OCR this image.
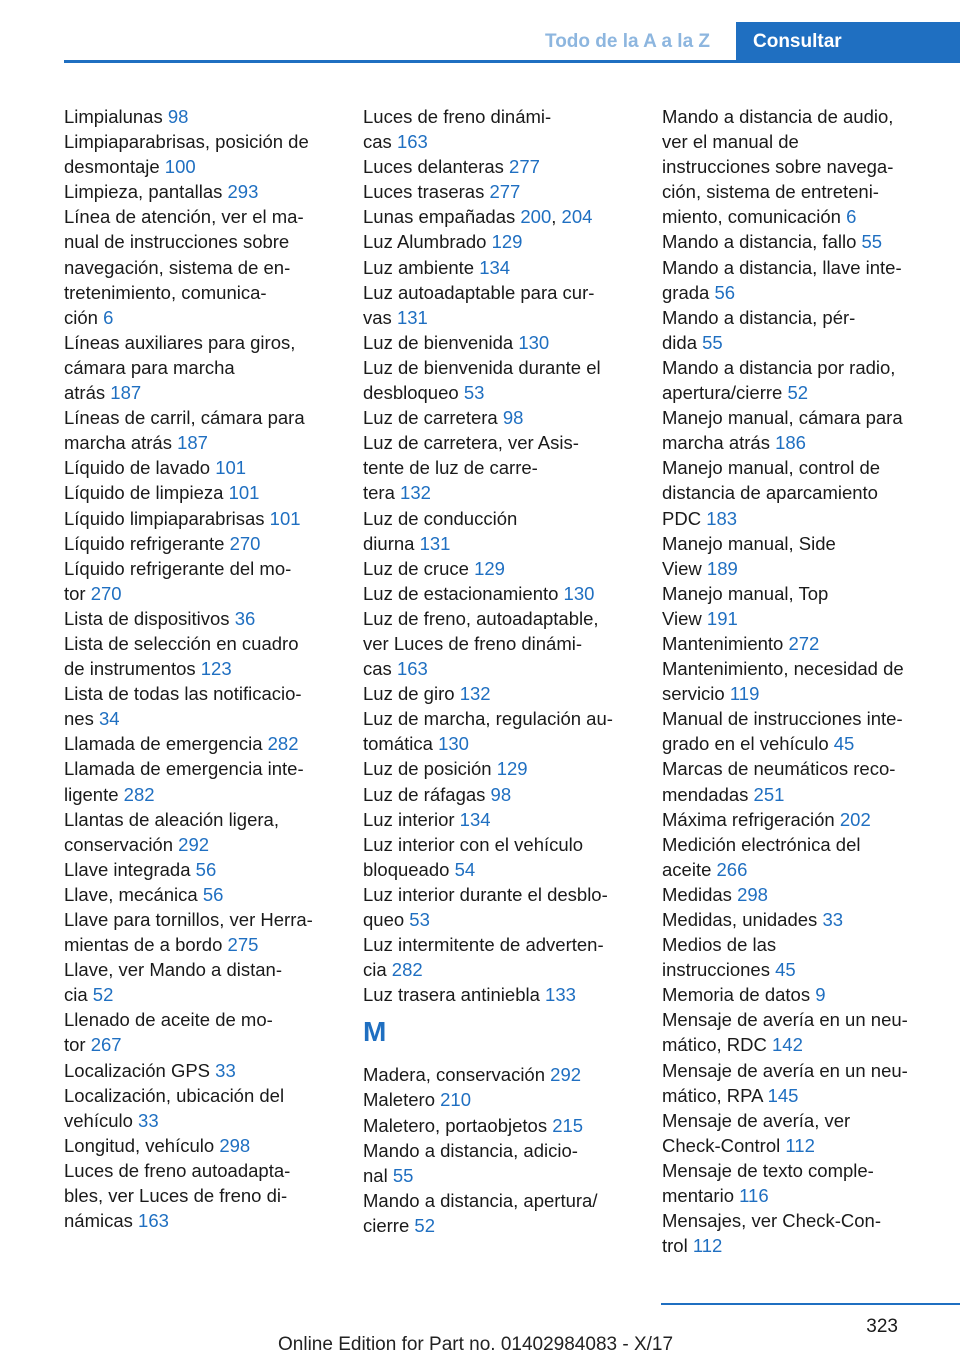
Todo de la A a la Z	Consultar
Limpialunas 98
Limpiaparabrisas, posición de
desmontaje 100
Limpieza, pantallas 293
Línea de atención, ver el ma-
nual de instrucciones sobre
navegación, sistema de en-
tretenimiento, comunica-
ción 6
Líneas auxiliares para giros,
cámara para marcha
atrás 187
Líneas de carril, cámara para
marcha atrás 187
Líquido de lavado 101
Líquido de limpieza 101
Líquido limpiaparabrisas 101
Líquido refrigerante 270
Líquido refrigerante del mo-
tor 270
Lista de dispositivos 36
Lista de selección en cuadro
de instrumentos 123
Lista de todas las notificacio-
nes 34
Llamada de emergencia 282
Llamada de emergencia inte-
ligente 282
Llantas de aleación ligera,
conservación 292
Llave integrada 56
Llave, mecánica 56
Llave para tornillos, ver Herra-
mientas de a bordo 275
Llave, ver Mando a distan-
cia 52
Llenado de aceite de mo-
tor 267
Localización GPS 33
Localización, ubicación del
vehículo 33
Longitud, vehículo 298
Luces de freno autoadapta-
bles, ver Luces de freno di-
námicas 163
Luces de freno dinámi-
cas 163
Luces delanteras 277
Luces traseras 277
Lunas empañadas 200, 204
Luz Alumbrado 129
Luz ambiente 134
Luz autoadaptable para cur-
vas 131
Luz de bienvenida 130
Luz de bienvenida durante el
desbloqueo 53
Luz de carretera 98
Luz de carretera, ver Asis-
tente de luz de carre-
tera 132
Luz de conducción
diurna 131
Luz de cruce 129
Luz de estacionamiento 130
Luz de freno, autoadaptable,
ver Luces de freno dinámi-
cas 163
Luz de giro 132
Luz de marcha, regulación au-
tomática 130
Luz de posición 129
Luz de ráfagas 98
Luz interior 134
Luz interior con el vehículo
bloqueado 54
Luz interior durante el desblo-
queo 53
Luz intermitente de adverten-
cia 282
Luz trasera antiniebla 133
M
Madera, conservación 292
Maletero 210
Maletero, portaobjetos 215
Mando a distancia, adicio-
nal 55
Mando a distancia, apertura/
cierre 52
Mando a distancia de audio,
ver el manual de
instrucciones sobre navega-
ción, sistema de entreteni-
miento, comunicación 6
Mando a distancia, fallo 55
Mando a distancia, llave inte-
grada 56
Mando a distancia, pér-
dida 55
Mando a distancia por radio,
apertura/cierre 52
Manejo manual, cámara para
marcha atrás 186
Manejo manual, control de
distancia de aparcamiento
PDC 183
Manejo manual, Side
View 189
Manejo manual, Top
View 191
Mantenimiento 272
Mantenimiento, necesidad de
servicio 119
Manual de instrucciones inte-
grado en el vehículo 45
Marcas de neumáticos reco-
mendadas 251
Máxima refrigeración 202
Medición electrónica del
aceite 266
Medidas 298
Medidas, unidades 33
Medios de las
instrucciones 45
Memoria de datos 9
Mensaje de avería en un neu-
mático, RDC 142
Mensaje de avería en un neu-
mático, RPA 145
Mensaje de avería, ver
Check-Control 112
Mensaje de texto comple-
mentario 116
Mensajes, ver Check-Con-
trol 112
323
Online Edition for Part no. 01402984083 - X/17
